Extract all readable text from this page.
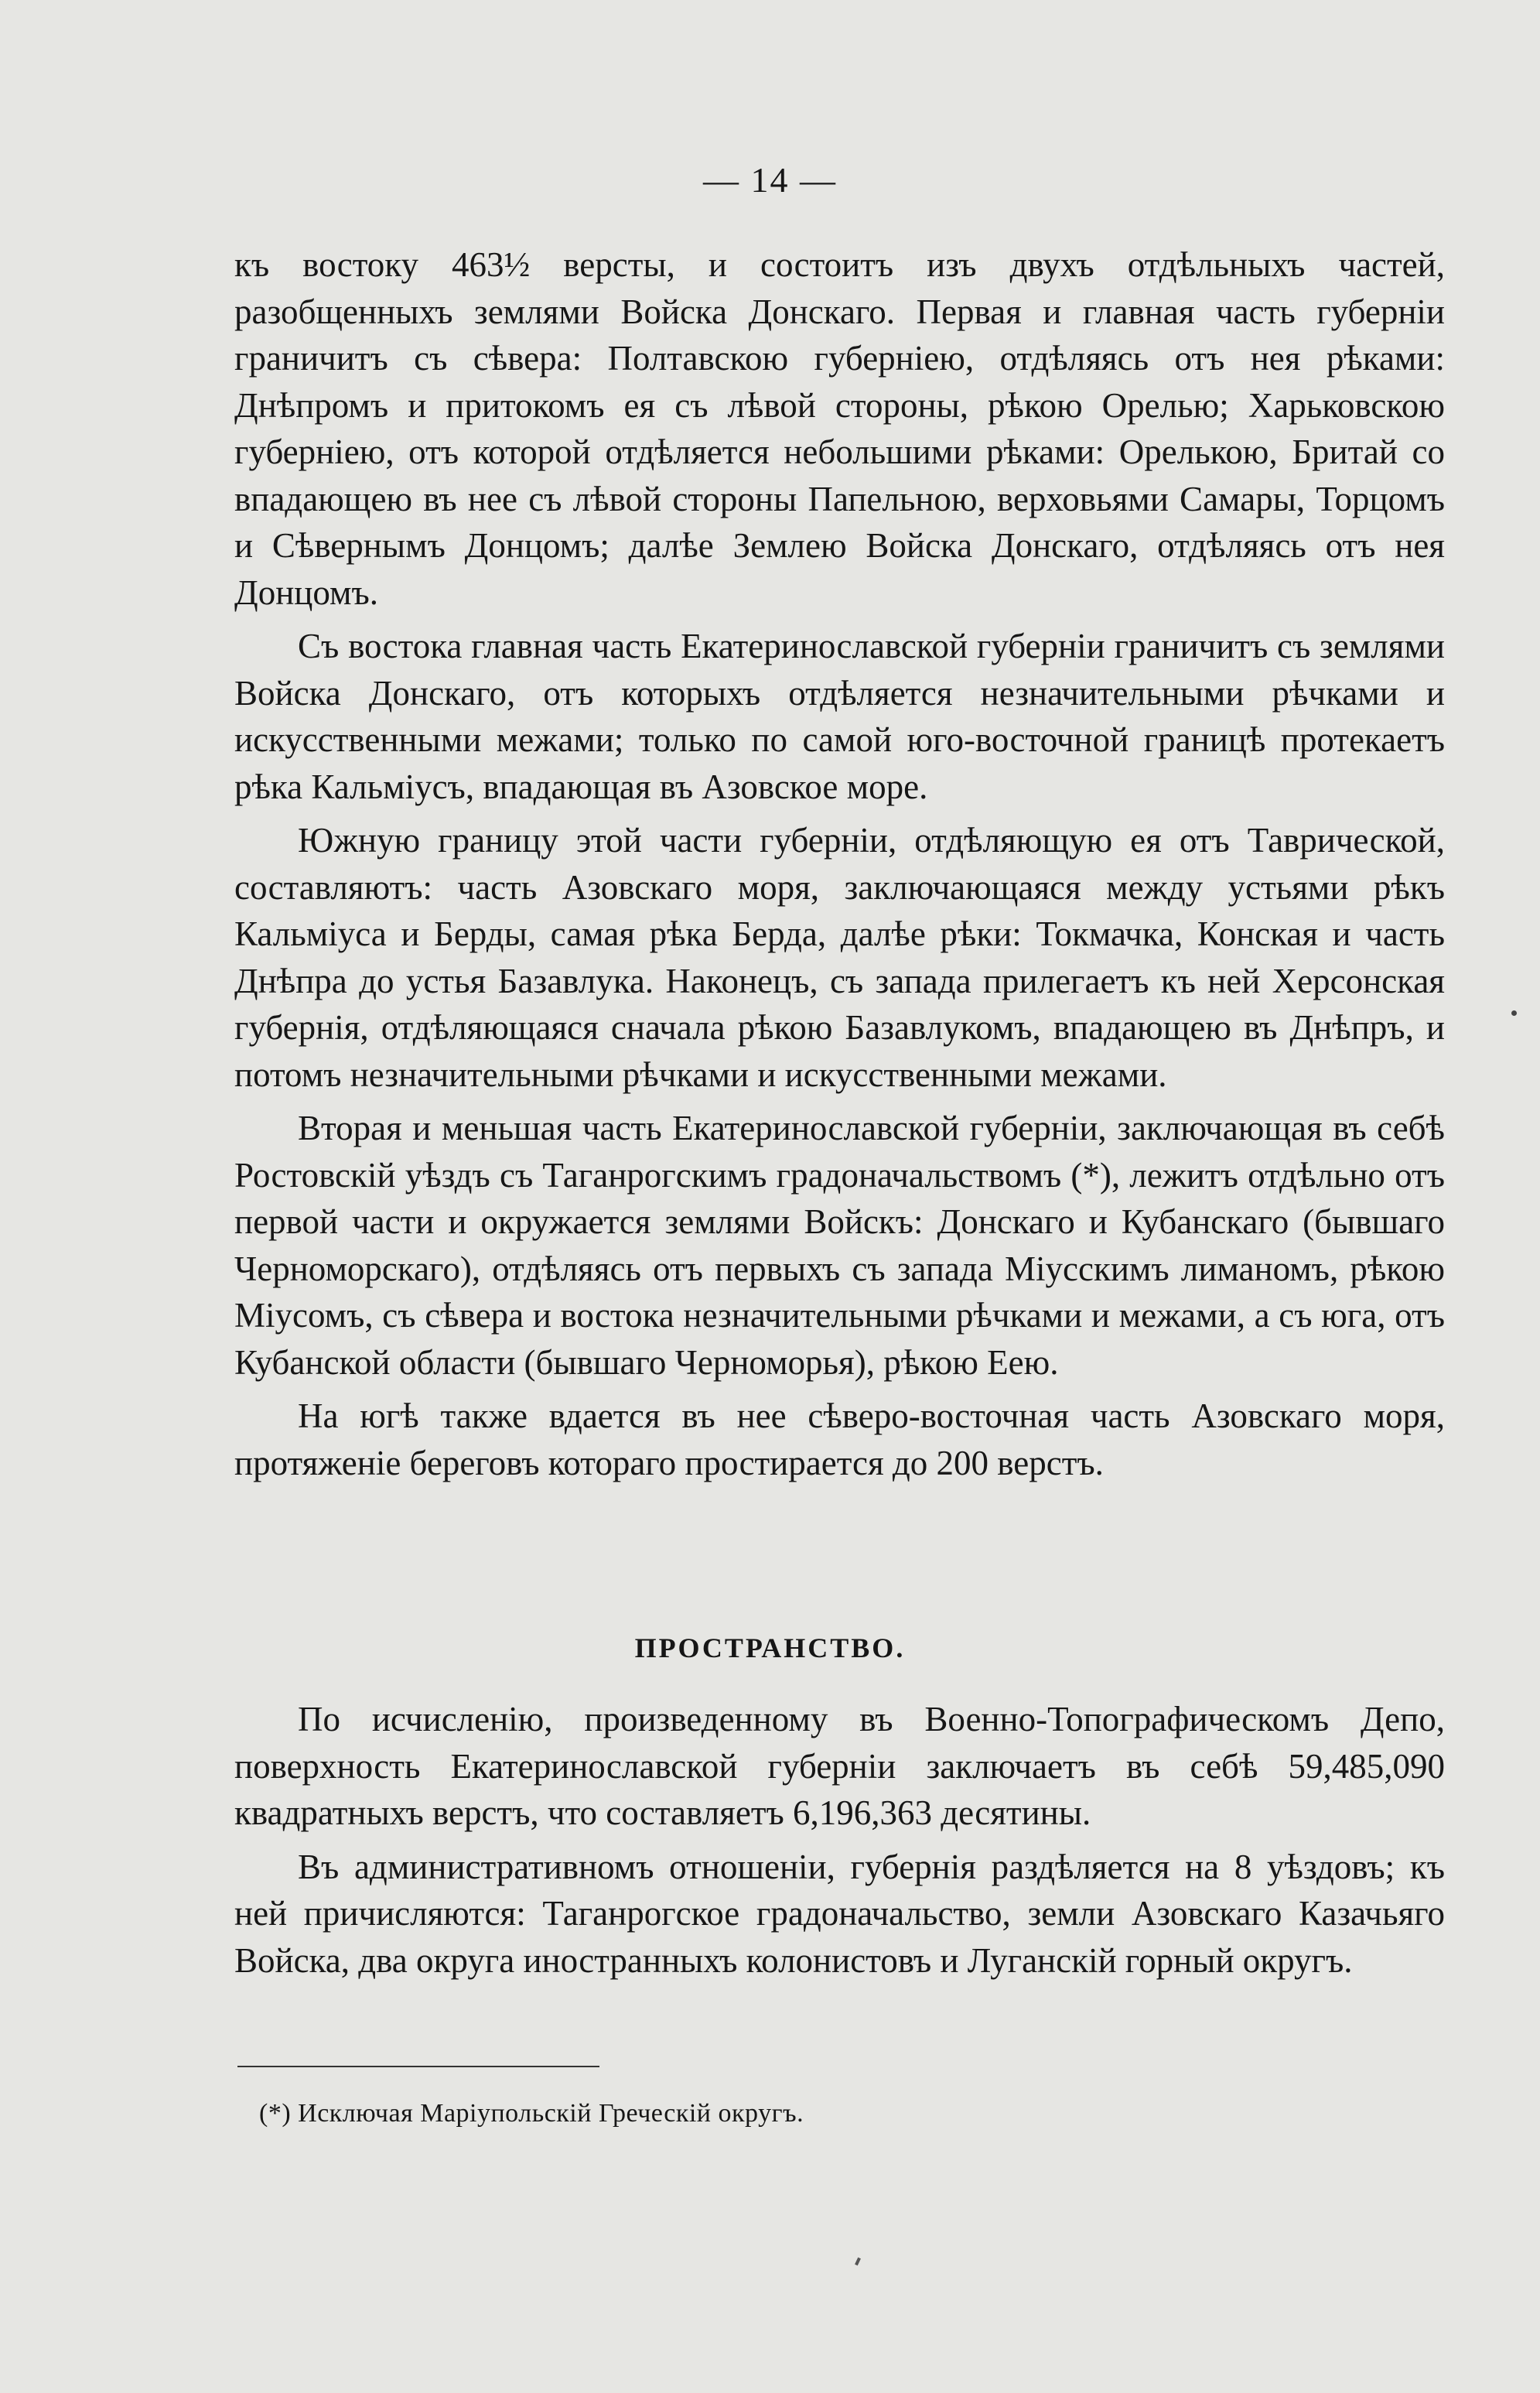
— 14 —

къ востоку 463½ версты, и состоитъ изъ двухъ отдѣльныхъ частей, разобщенныхъ землями Войска Донскаго. Первая и главная часть губерніи граничитъ съ сѣвера: Полтавскою губерніею, отдѣляясь отъ нея рѣками: Днѣпромъ и притокомъ ея съ лѣвой стороны, рѣкою Орелью; Харьковскою губерніею, отъ которой отдѣляется небольшими рѣками: Орелькою, Бритай со впадающею въ нее съ лѣвой стороны Папельною, верховьями Самары, Торцомъ и Сѣвернымъ Донцомъ; далѣе Землею Войска Донскаго, отдѣляясь отъ нея Донцомъ.

Съ востока главная часть Екатеринославской губерніи граничитъ съ землями Войска Донскаго, отъ которыхъ отдѣляется незначительными рѣчками и искусственными межами; только по самой юго-восточной границѣ протекаетъ рѣка Кальміусъ, впадающая въ Азовское море.

Южную границу этой части губерніи, отдѣляющую ея отъ Таврической, составляютъ: часть Азовскаго моря, заключающаяся между устьями рѣкъ Кальміуса и Берды, самая рѣка Берда, далѣе рѣки: Токмачка, Конская и часть Днѣпра до устья Базавлука. Наконецъ, съ запада прилегаетъ къ ней Херсонская губернія, отдѣляющаяся сначала рѣкою Базавлукомъ, впадающею въ Днѣпръ, и потомъ незначительными рѣчками и искусственными межами.

Вторая и меньшая часть Екатеринославской губерніи, заключающая въ себѣ Ростовскій уѣздъ съ Таганрогскимъ градоначальствомъ (*), лежитъ отдѣльно отъ первой части и окружается землями Войскъ: Донскаго и Кубанскаго (бывшаго Черноморскаго), отдѣляясь отъ первыхъ съ запада Міусскимъ лиманомъ, рѣкою Міусомъ, съ сѣвера и востока незначительными рѣчками и межами, а съ юга, отъ Кубанской области (бывшаго Черноморья), рѣкою Еею.

На югѣ также вдается въ нее сѣверо-восточная часть Азовскаго моря, протяженіе береговъ котораго простирается до 200 верстъ.

ПРОСТРАНСТВО.

По исчисленію, произведенному въ Военно-Топографическомъ Депо, поверхность Екатеринославской губерніи заключаетъ въ себѣ 59,485,090 квадратныхъ верстъ, что составляетъ 6,196,363 десятины.

Въ административномъ отношеніи, губернія раздѣляется на 8 уѣздовъ; къ ней причисляются: Таганрогское градоначальство, земли Азовскаго Казачьяго Войска, два округа иностранныхъ колонистовъ и Луганскій горный округъ.

(*) Исключая Маріупольскій Греческій округъ.
